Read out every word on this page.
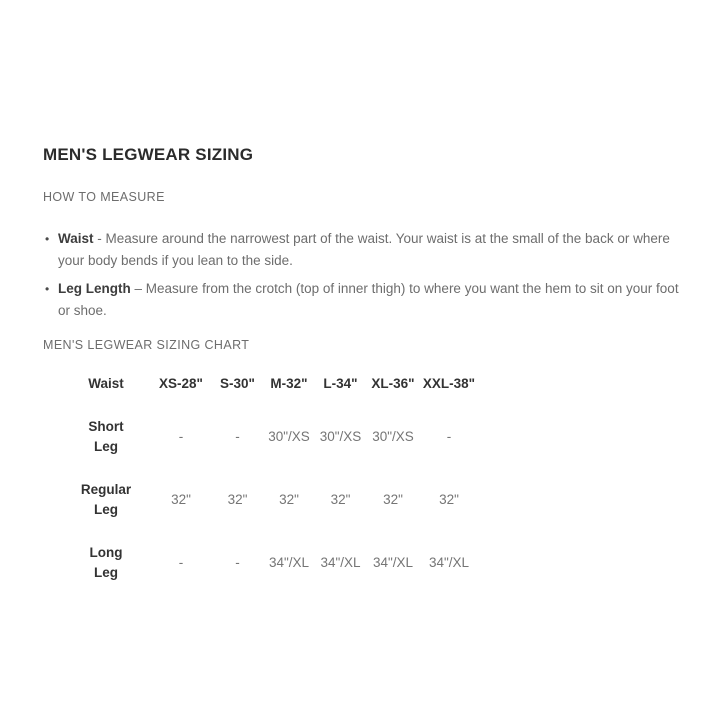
MEN'S LEGWEAR SIZING
HOW TO MEASURE
• Waist - Measure around the narrowest part of the waist. Your waist is at the small of the back or where your body bends if you lean to the side.
• Leg Length – Measure from the crotch (top of inner thigh) to where you want the hem to sit on your foot or shoe.
MEN'S LEGWEAR SIZING CHART
Waist	XS-28"	S-30"	M-32"	L-34"	XL-36"	XXL-38"

Short
Leg	-	-	30"/XS	30"/XS	30"/XS	-

Regular
Leg	32"	32"	32"	32"	32"	32"

Long
Leg	-	-	34"/XL	34"/XL	34"/XL	34"/XL
